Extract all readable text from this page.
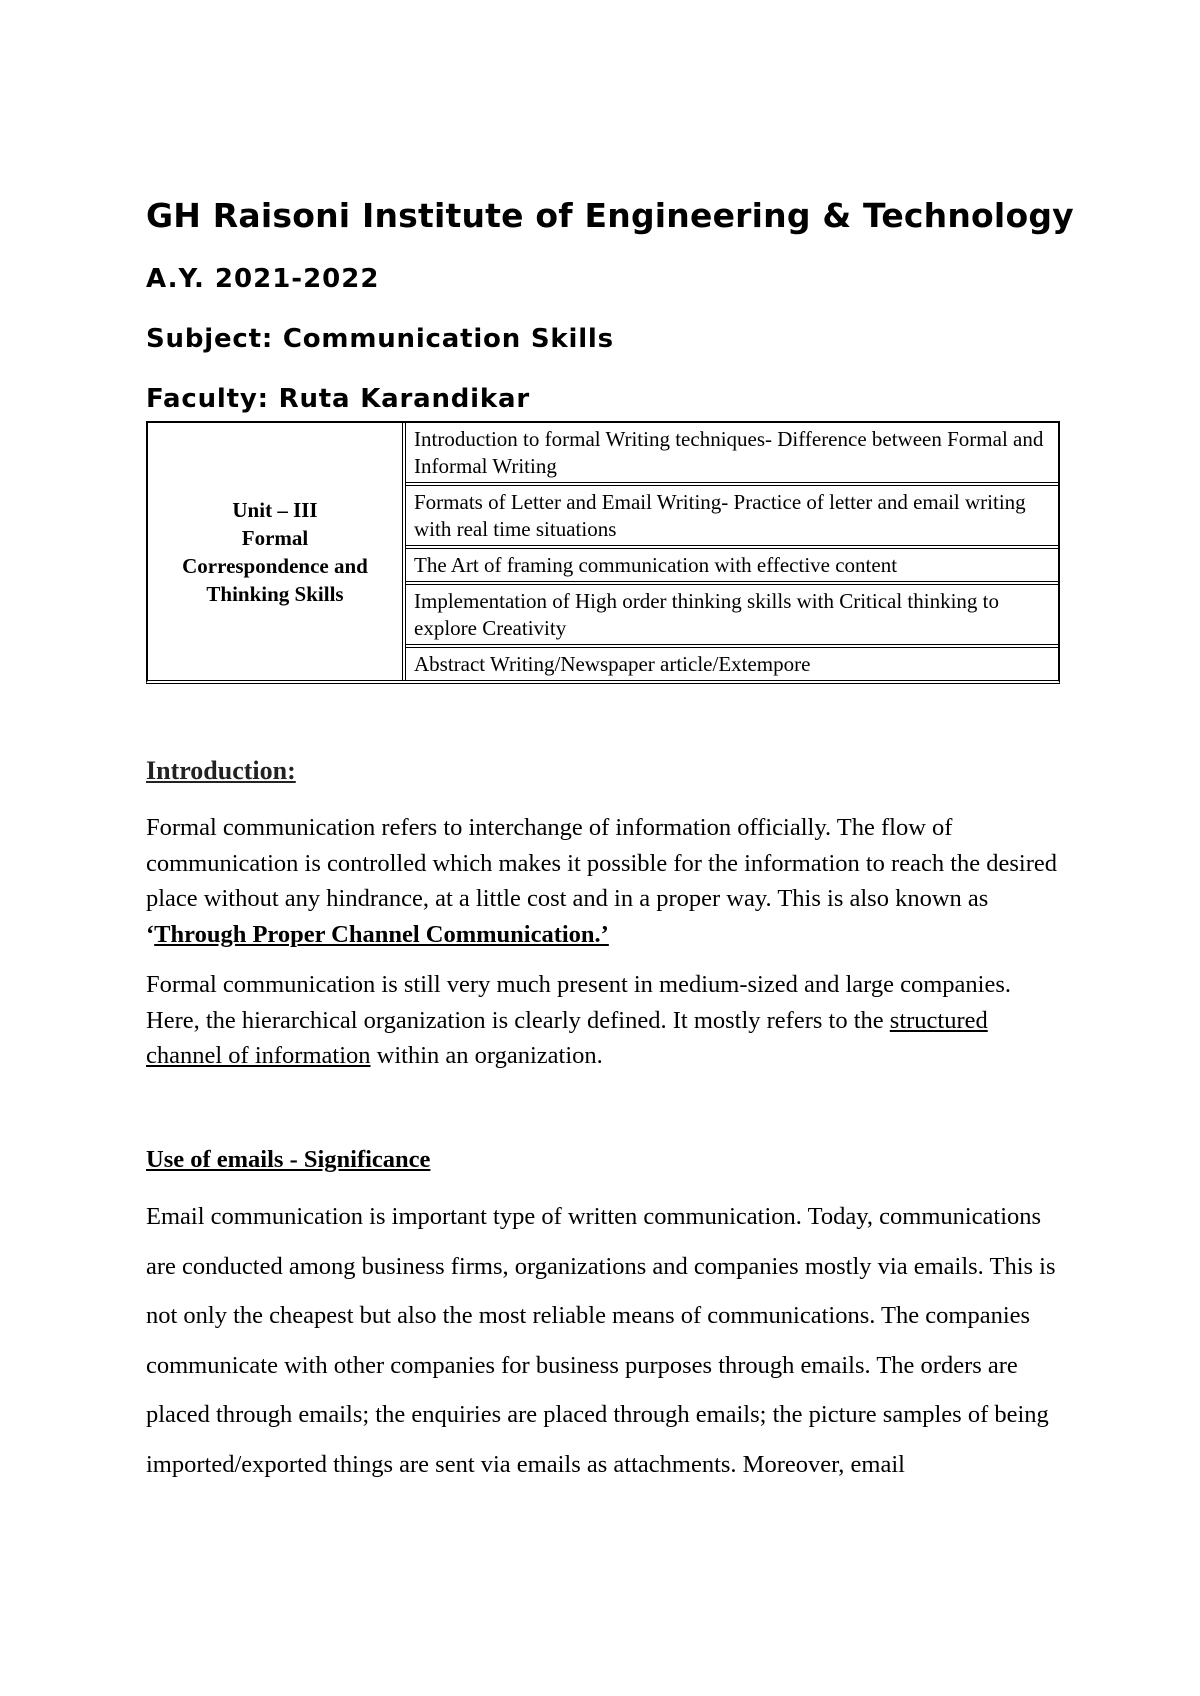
GH Raisoni Institute of Engineering & Technology
A.Y. 2021-2022
Subject: Communication Skills
Faculty: Ruta Karandikar
Unit – III
Formal
Correspondence and
Thinking Skills
	Introduction to formal Writing techniques- Difference between Formal and Informal Writing
Formats of Letter and Email Writing- Practice of letter and email writing with real time situations
The Art of framing communication with effective content
Implementation of High order thinking skills with Critical thinking to explore Creativity
Abstract Writing/Newspaper article/Extempore
Introduction:

Formal communication refers to interchange of information officially. The flow of communication is controlled which makes it possible for the information to reach the desired place without any hindrance, at a little cost and in a proper way. This is also known as ‘Through Proper Channel Communication.’

Formal communication is still very much present in medium-sized and large companies. Here, the hierarchical organization is clearly defined. It mostly refers to the structured channel of information within an organization.

Use of emails - Significance

Email communication is important type of written communication. Today, communications are conducted among business firms, organizations and companies mostly via emails. This is not only the cheapest but also the most reliable means of communications. The companies communicate with other companies for business purposes through emails. The orders are placed through emails; the enquiries are placed through emails; the picture samples of being imported/exported things are sent via emails as attachments. Moreover, email
